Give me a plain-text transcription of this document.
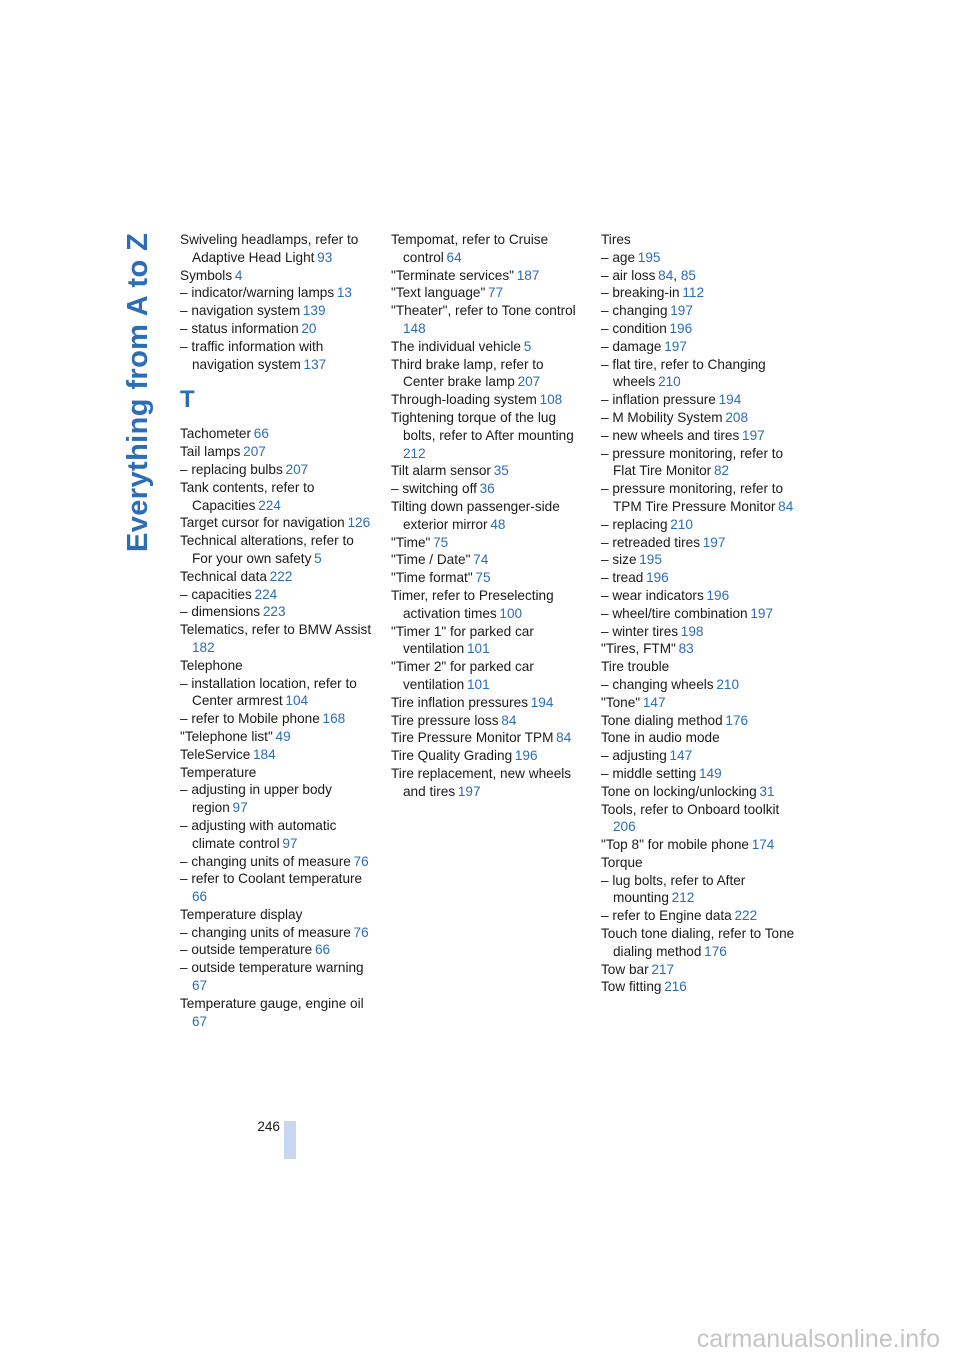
Everything from A to Z Swiveling headlamps, refer to Adaptive Head Light  93
Symbols  4
– indicator/warning lamps  13
– navigation system  139
– status information  20
– traffic information with navigation system  137
T
Tachometer  66
Tail lamps  207
– replacing bulbs  207
Tank contents, refer to Capacities  224
Target cursor for navigation  126
Technical alterations, refer to For your own safety  5
Technical data  222
– capacities  224
– dimensions  223
Telematics, refer to BMW Assist 182
Telephone
– installation location, refer to Center armrest  104
– refer to Mobile phone  168
"Telephone list"  49
TeleService  184
Temperature
– adjusting in upper body region  97
– adjusting with automatic climate control  97
– changing units of measure  76
– refer to Coolant temperature 66
Temperature display
– changing units of measure  76
– outside temperature  66
– outside temperature warning 67
Temperature gauge, engine oil 67
Tempomat, refer to Cruise control  64
"Terminate services"  187
"Text language"  77
"Theater", refer to Tone control 148
The individual vehicle  5
Third brake lamp, refer to Center brake lamp  207
Through-loading system  108
Tightening torque of the lug bolts, refer to After mounting 212
Tilt alarm sensor  35
– switching off  36
Tilting down passenger-side exterior mirror  48
"Time"  75
"Time / Date"  74
"Time format"  75
Timer, refer to Preselecting activation times  100
"Timer 1" for parked car ventilation  101
"Timer 2" for parked car ventilation  101
Tire inflation pressures  194
Tire pressure loss  84
Tire Pressure Monitor TPM  84
Tire Quality Grading  196
Tire replacement, new wheels and tires  197
Tires
– age  195
– air loss  84, 85
– breaking-in  112
– changing  197
– condition  196
– damage  197
– flat tire, refer to Changing wheels  210
– inflation pressure  194
– M Mobility System  208
– new wheels and tires  197
– pressure monitoring, refer to Flat Tire Monitor  82
– pressure monitoring, refer to TPM Tire Pressure Monitor  84
– replacing  210
– retreaded tires  197
– size  195
– tread  196
– wear indicators  196
– wheel/tire combination  197
– winter tires  198
"Tires, FTM"  83
Tire trouble
– changing wheels  210
"Tone"  147
Tone dialing method  176
Tone in audio mode
– adjusting  147
– middle setting  149
Tone on locking/unlocking  31
Tools, refer to Onboard toolkit 206
"Top 8" for mobile phone  174
Torque
– lug bolts, refer to After mounting  212
– refer to Engine data  222
Touch tone dialing, refer to Tone dialing method  176
Tow bar  217
Tow fitting  216
246
carmanualsonline.info
